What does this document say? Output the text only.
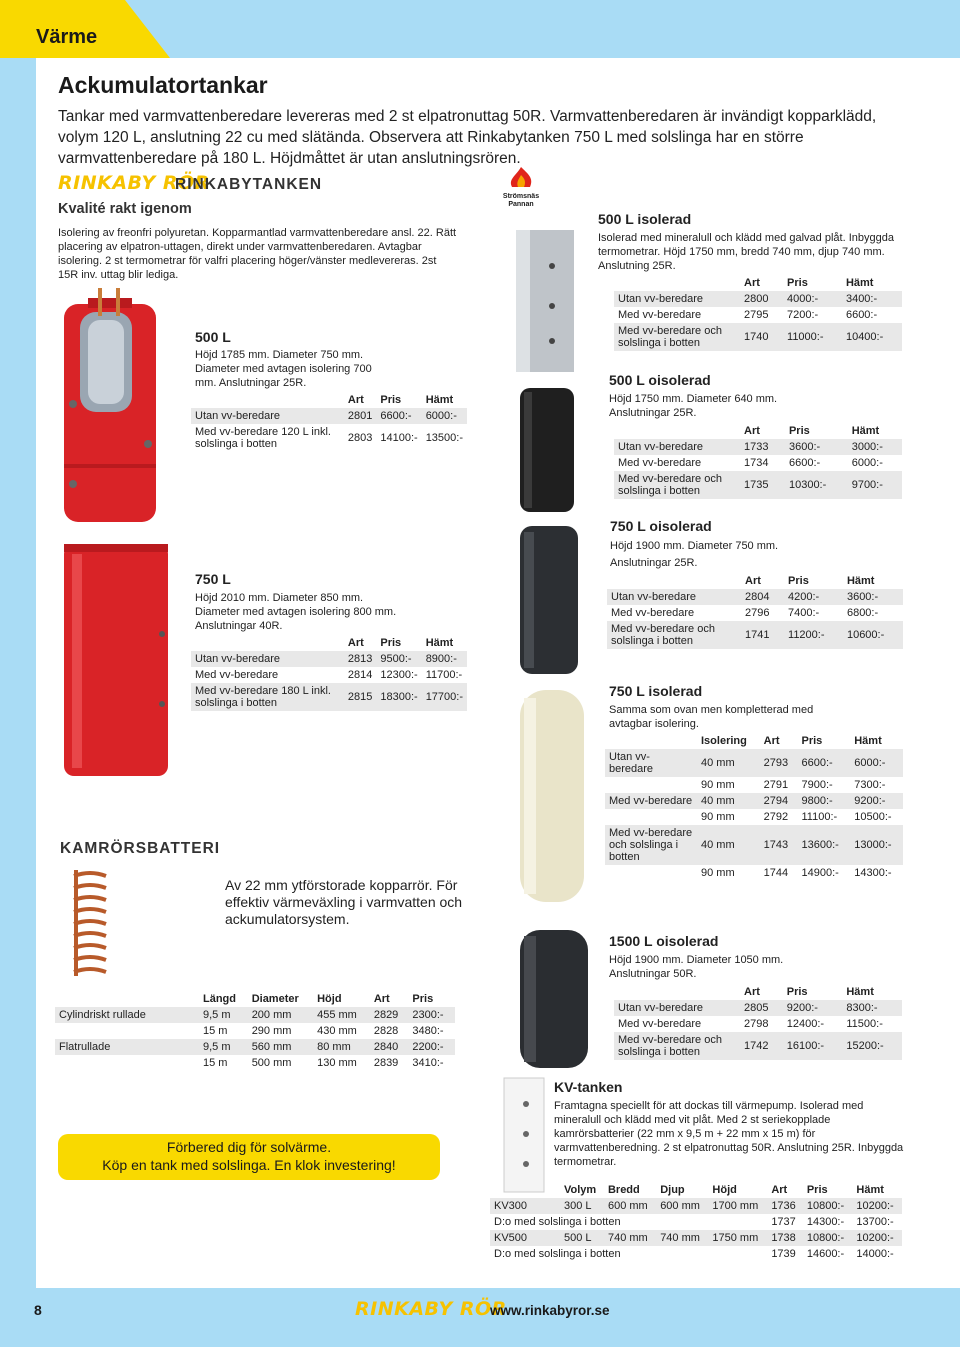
Värme
Ackumulatortankar
Tankar med varmvattenberedare levereras med 2 st elpatronuttag 50R. Varmvattenberedaren är invändigt kopparklädd, volym 120 L, anslutning 22 cu med slätända. Observera att Rinkabytanken 750 L med solslinga har en större varmvattenberedare på 180 L. Höjdmåttet är utan anslutningsrören.
RINKABY RÖR
RINKABYTANKEN
Kvalité rakt igenom
Isolering av freonfri polyuretan. Kopparmantlad varmvattenberedare ansl. 22. Rätt placering av elpatron-uttagen, direkt under varmvattenberedaren. Avtagbar isolering. 2 st termometrar för valfri placering höger/vänster medlevereras. 2st 15R inv. uttag blir lediga.
500 L
Höjd 1785 mm. Diameter 750 mm. Diameter med avtagen isolering 700 mm. Anslutningar 25R.
	Art	Pris	Hämt
Utan vv-beredare	2801	6600:-	6000:-
Med vv-beredare 120 L inkl. solslinga i botten	2803	14100:-	13500:-
750 L
Höjd 2010 mm. Diameter 850 mm. Diameter med avtagen isolering 800 mm. Anslutningar 40R.
	Art	Pris	Hämt
Utan vv-beredare	2813	9500:-	8900:-
Med vv-beredare	2814	12300:-	11700:-
Med vv-beredare 180 L inkl. solslinga i botten	2815	18300:-	17700:-
KAMRÖRSBATTERI
Av 22 mm ytförstorade kopparrör. För effektiv värmeväxling i varmvatten och ackumulatorsystem.
	Längd	Diameter	Höjd	Art	Pris
Cylindriskt rullade	9,5 m	200 mm	455 mm	2829	2300:-
	15 m	290 mm	430 mm	2828	3480:-
Flatrullade	9,5 m	560 mm	80 mm	2840	2200:-
	15 m	500 mm	130 mm	2839	3410:-
Förbered dig för solvärme.
Köp en tank med solslinga. En klok investering!
Strömsnäs Pannan
500 L isolerad
Isolerad med mineralull och klädd med galvad plåt. Inbyggda termometrar. Höjd 1750 mm, bredd 740 mm, djup 740 mm. Anslutning 25R.
	Art	Pris	Hämt
Utan vv-beredare	2800	4000:-	3400:-
Med vv-beredare	2795	7200:-	6600:-
Med vv-beredare och solslinga i botten	1740	11000:-	10400:-
500 L oisolerad
Höjd 1750 mm. Diameter 640 mm. Anslutningar 25R.
	Art	Pris	Hämt
Utan vv-beredare	1733	3600:-	3000:-
Med vv-beredare	1734	6600:-	6000:-
Med vv-beredare och solslinga i botten	1735	10300:-	9700:-
750 L oisolerad
Höjd 1900 mm. Diameter 750 mm. Anslutningar 25R.
	Art	Pris	Hämt
Utan vv-beredare	2804	4200:-	3600:-
Med vv-beredare	2796	7400:-	6800:-
Med vv-beredare och solslinga i botten	1741	11200:-	10600:-
750 L isolerad
Samma som ovan men kompletterad med avtagbar isolering.
	Isolering	Art	Pris	Hämt
Utan vv-beredare	40 mm	2793	6600:-	6000:-
	90 mm	2791	7900:-	7300:-
Med vv-beredare	40 mm	2794	9800:-	9200:-
	90 mm	2792	11100:-	10500:-
Med vv-beredare och solslinga i botten	40 mm	1743	13600:-	13000:-
	90 mm	1744	14900:-	14300:-
1500 L oisolerad
Höjd 1900 mm. Diameter 1050 mm. Anslutningar 50R.
	Art	Pris	Hämt
Utan vv-beredare	2805	9200:-	8300:-
Med vv-beredare	2798	12400:-	11500:-
Med vv-beredare och solslinga i botten	1742	16100:-	15200:-
KV-tanken
Framtagna speciellt för att dockas till värmepump. Isolerad med mineralull och klädd med vit plåt. Med 2 st seriekopplade kamrörsbatterier (22 mm x 9,5 m + 22 mm x 15 m) för varmvattenberedning. 2 st elpatronuttag 50R. Anslutning 25R. Inbyggda termometrar.
	Volym	Bredd	Djup	Höjd	Art	Pris	Hämt
KV300	300 L	600 mm	600 mm	1700 mm	1736	10800:-	10200:-
D:o med solslinga i botten					1737	14300:-	13700:-
KV500	500 L	740 mm	740 mm	1750 mm	1738	10800:-	10200:-
D:o med solslinga i botten					1739	14600:-	14000:-
8	RINKABY RÖR
www.rinkabyror.se
